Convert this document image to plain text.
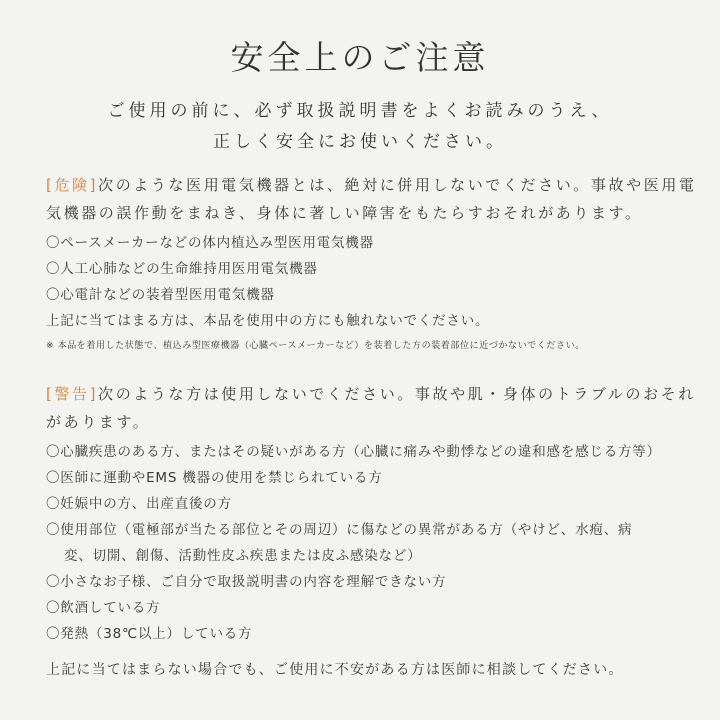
安全上のご注意
ご使用の前に、必ず取扱説明書をよくお読みのうえ、
正しく安全にお使いください。
[危険]次のような医用電気機器とは、絶対に併用しないでください。事故や医用電
気機器の誤作動をまねき、身体に著しい障害をもたらすおそれがあります。
〇ペースメーカーなどの体内植込み型医用電気機器
〇人工心肺などの生命維持用医用電気機器
〇心電計などの装着型医用電気機器
上記に当てはまる方は、本品を使用中の方にも触れないでください。
※ 本品を着用した状態で、植込み型医療機器（心臓ペースメーカーなど）を装着した方の装着部位に近づかないでください。
[警告]次のような方は使用しないでください。事故や肌・身体のトラブルのおそれ
があります。
〇心臓疾患のある方、またはその疑いがある方（心臓に痛みや動悸などの違和感を感じる方等）
〇医師に運動やEMS 機器の使用を禁じられている方
〇妊娠中の方、出産直後の方
〇使用部位（電極部が当たる部位とその周辺）に傷などの異常がある方（やけど、水疱、病
変、切開、創傷、活動性皮ふ疾患または皮ふ感染など）
〇小さなお子様、ご自分で取扱説明書の内容を理解できない方
〇飲酒している方
〇発熱（38℃以上）している方
上記に当てはまらない場合でも、ご使用に不安がある方は医師に相談してください。
